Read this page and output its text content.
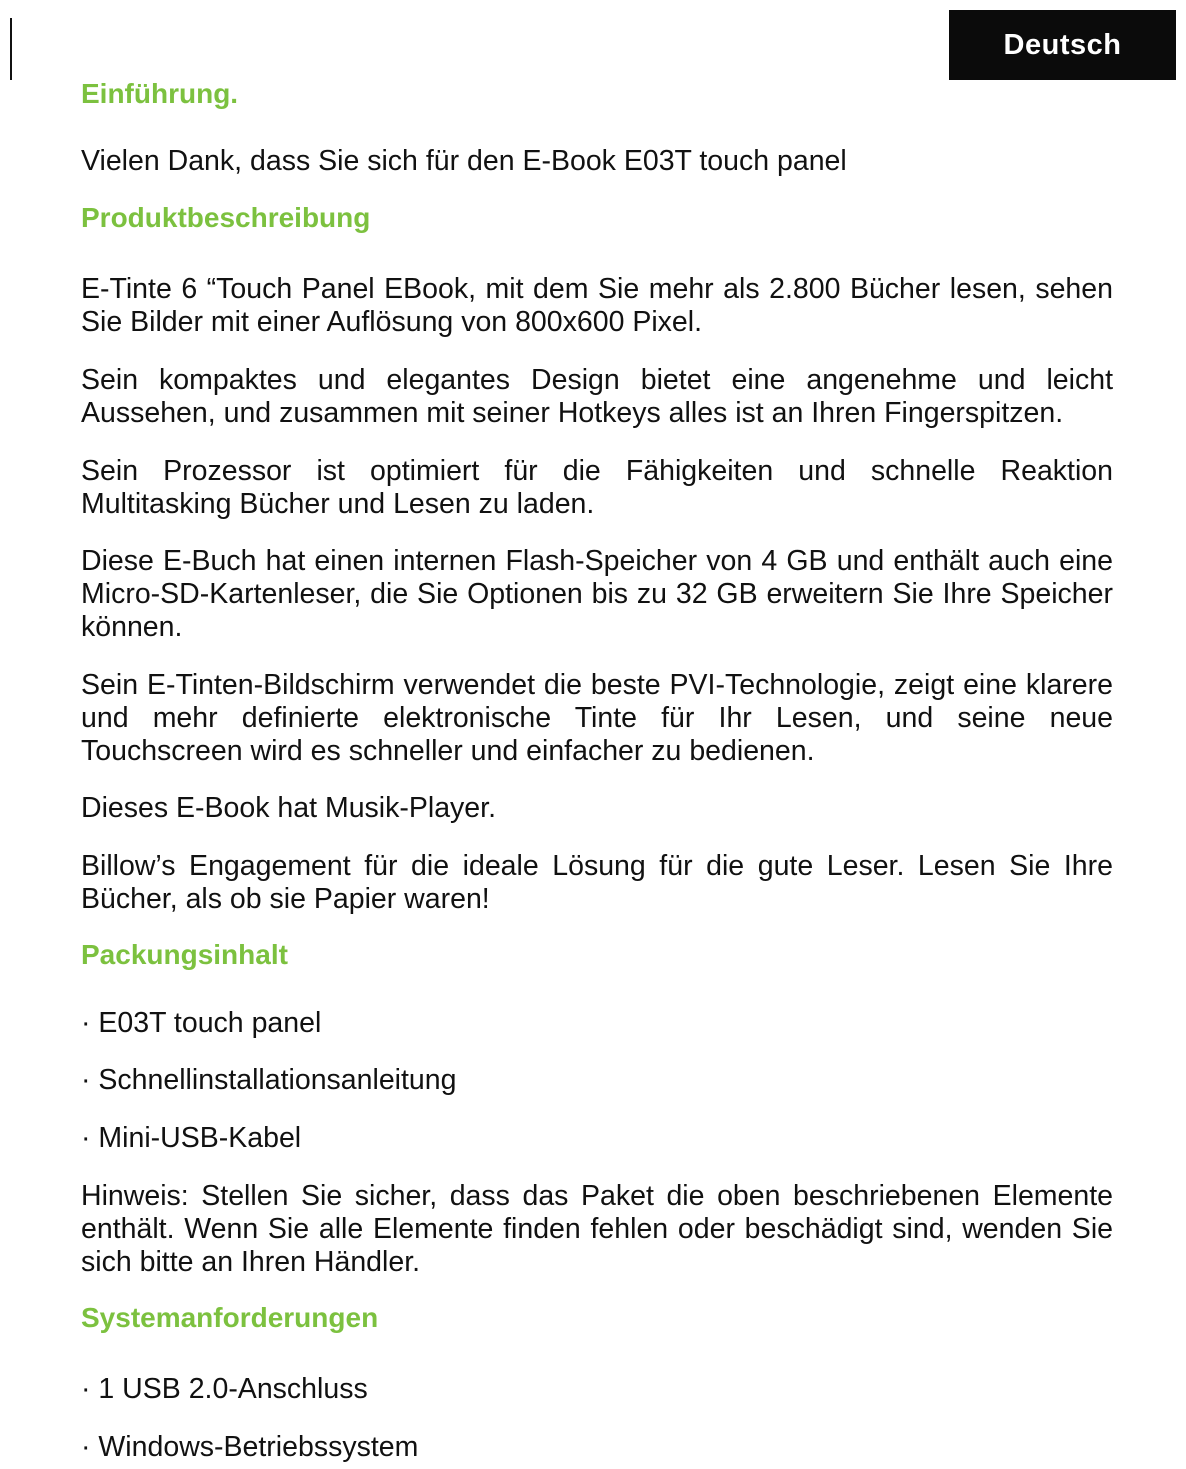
Deutsch
Einführung.
Vielen Dank, dass Sie sich für den E-Book E03T touch panel
Produktbeschreibung
E-Tinte 6 “Touch Panel EBook, mit dem Sie mehr als 2.800 Bücher lesen, sehen Sie Bilder mit einer Auflösung von 800x600 Pixel.
Sein kompaktes und elegantes Design bietet eine angenehme und leicht Aussehen, und zusammen mit seiner Hotkeys alles ist an Ihren Fingerspitzen.
Sein Prozessor ist optimiert für die Fähigkeiten und schnelle Reaktion Multitasking Bücher und Lesen zu laden.
Diese E-Buch hat einen internen Flash-Speicher von 4 GB und enthält auch eine Micro-SD-Kartenleser, die Sie Optionen bis zu 32 GB erweitern Sie Ihre Speicher können.
Sein E-Tinten-Bildschirm verwendet die beste PVI-Technologie, zeigt eine klarere und mehr definierte elektronische Tinte für Ihr Lesen, und seine neue Touchscreen wird es schneller und einfacher zu bedienen.
Dieses E-Book hat Musik-Player.
Billow’s Engagement für die ideale Lösung für die gute Leser. Lesen Sie Ihre Bücher, als ob sie Papier waren!
Packungsinhalt
· E03T touch panel
· Schnellinstallationsanleitung
· Mini-USB-Kabel
Hinweis: Stellen Sie sicher, dass das Paket die oben beschriebenen Elemente enthält. Wenn Sie alle Elemente finden fehlen oder beschädigt sind, wenden Sie sich bitte an Ihren Händler.
Systemanforderungen
· 1 USB 2.0-Anschluss
· Windows-Betriebssystem
